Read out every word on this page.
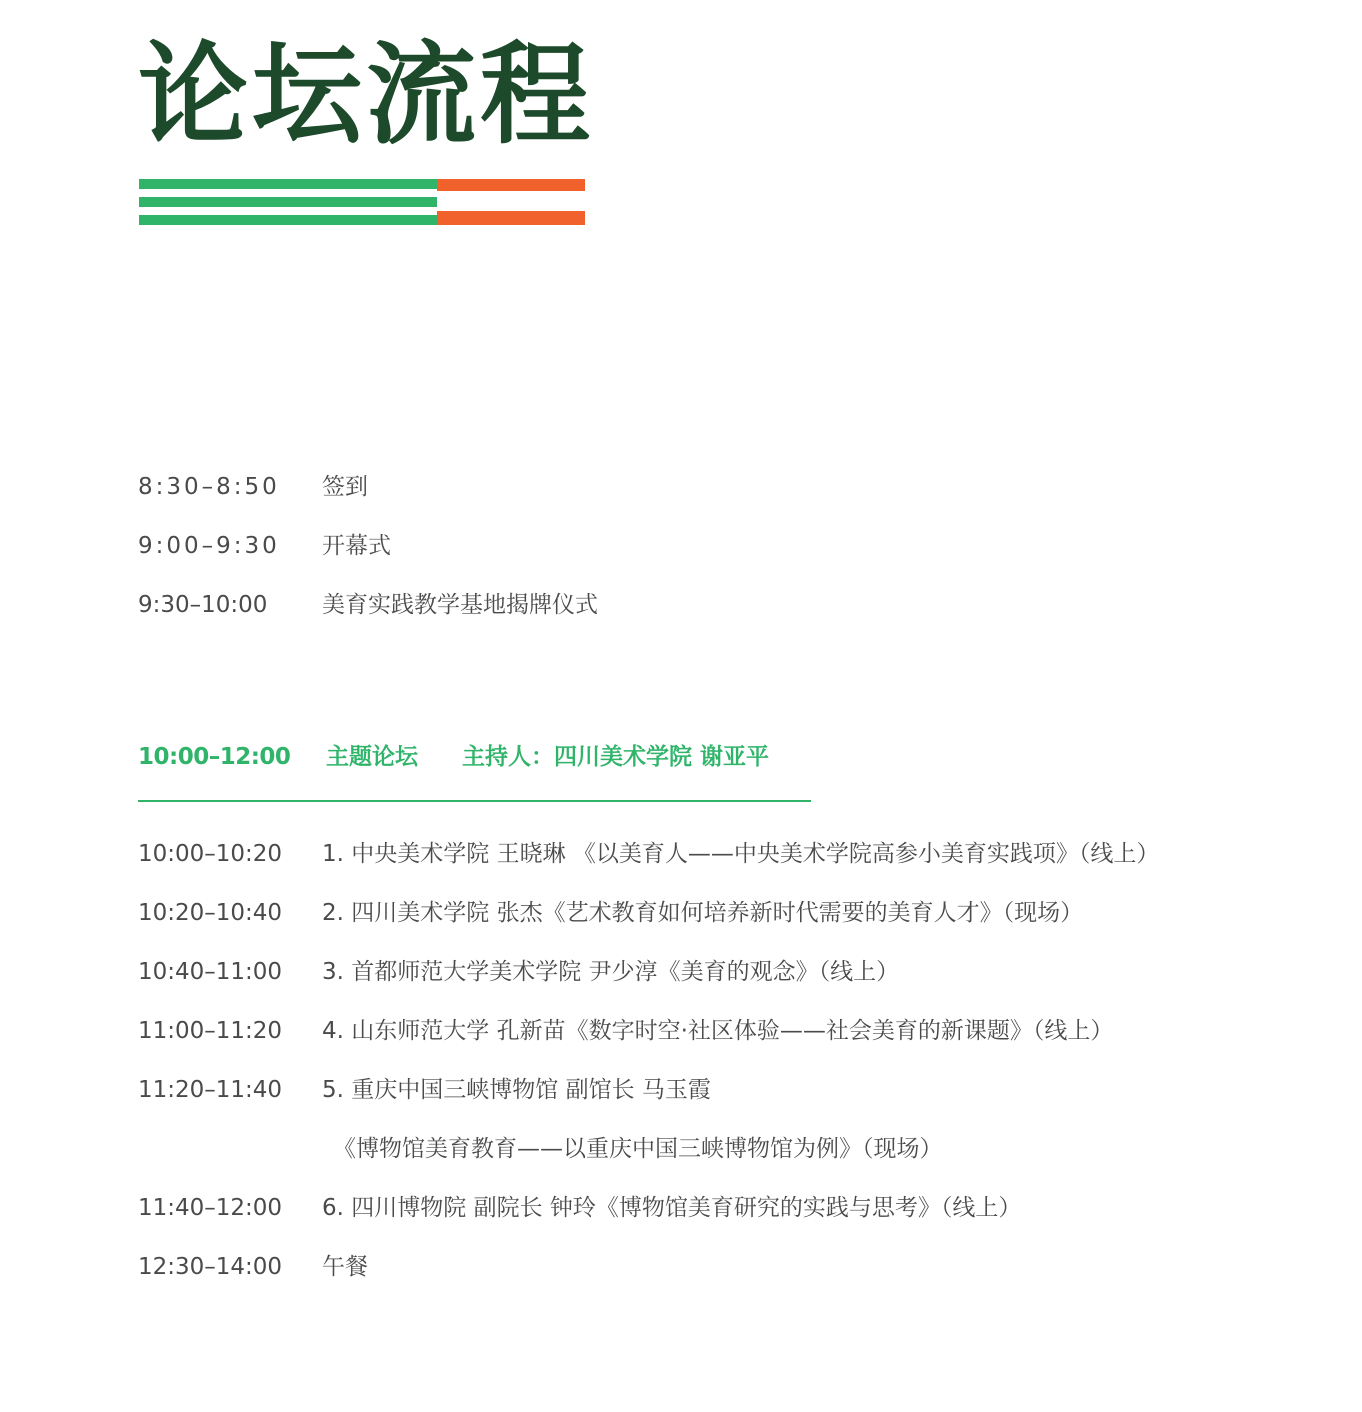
论坛流程
8:30–8:50 签到
9:00–9:30 开幕式
9:30–10:00 美育实践教学基地揭牌仪式
10:00–12:00 主题论坛 主持人：四川美术学院 谢亚平
10:00–10:20 1. 中央美术学院 王晓琳 《以美育人——中央美术学院高参小美育实践项》（线上）
10:20–10:40 2. 四川美术学院 张杰《艺术教育如何培养新时代需要的美育人才》（现场）
10:40–11:00 3. 首都师范大学美术学院 尹少淳《美育的观念》（线上）
11:00–11:20 4. 山东师范大学 孔新苗《数字时空·社区体验——社会美育的新课题》（线上）
11:20–11:40 5. 重庆中国三峡博物馆 副馆长 马玉霞
《博物馆美育教育——以重庆中国三峡博物馆为例》（现场）
11:40–12:00 6. 四川博物院 副院长 钟玲《博物馆美育研究的实践与思考》（线上）
12:30–14:00 午餐
